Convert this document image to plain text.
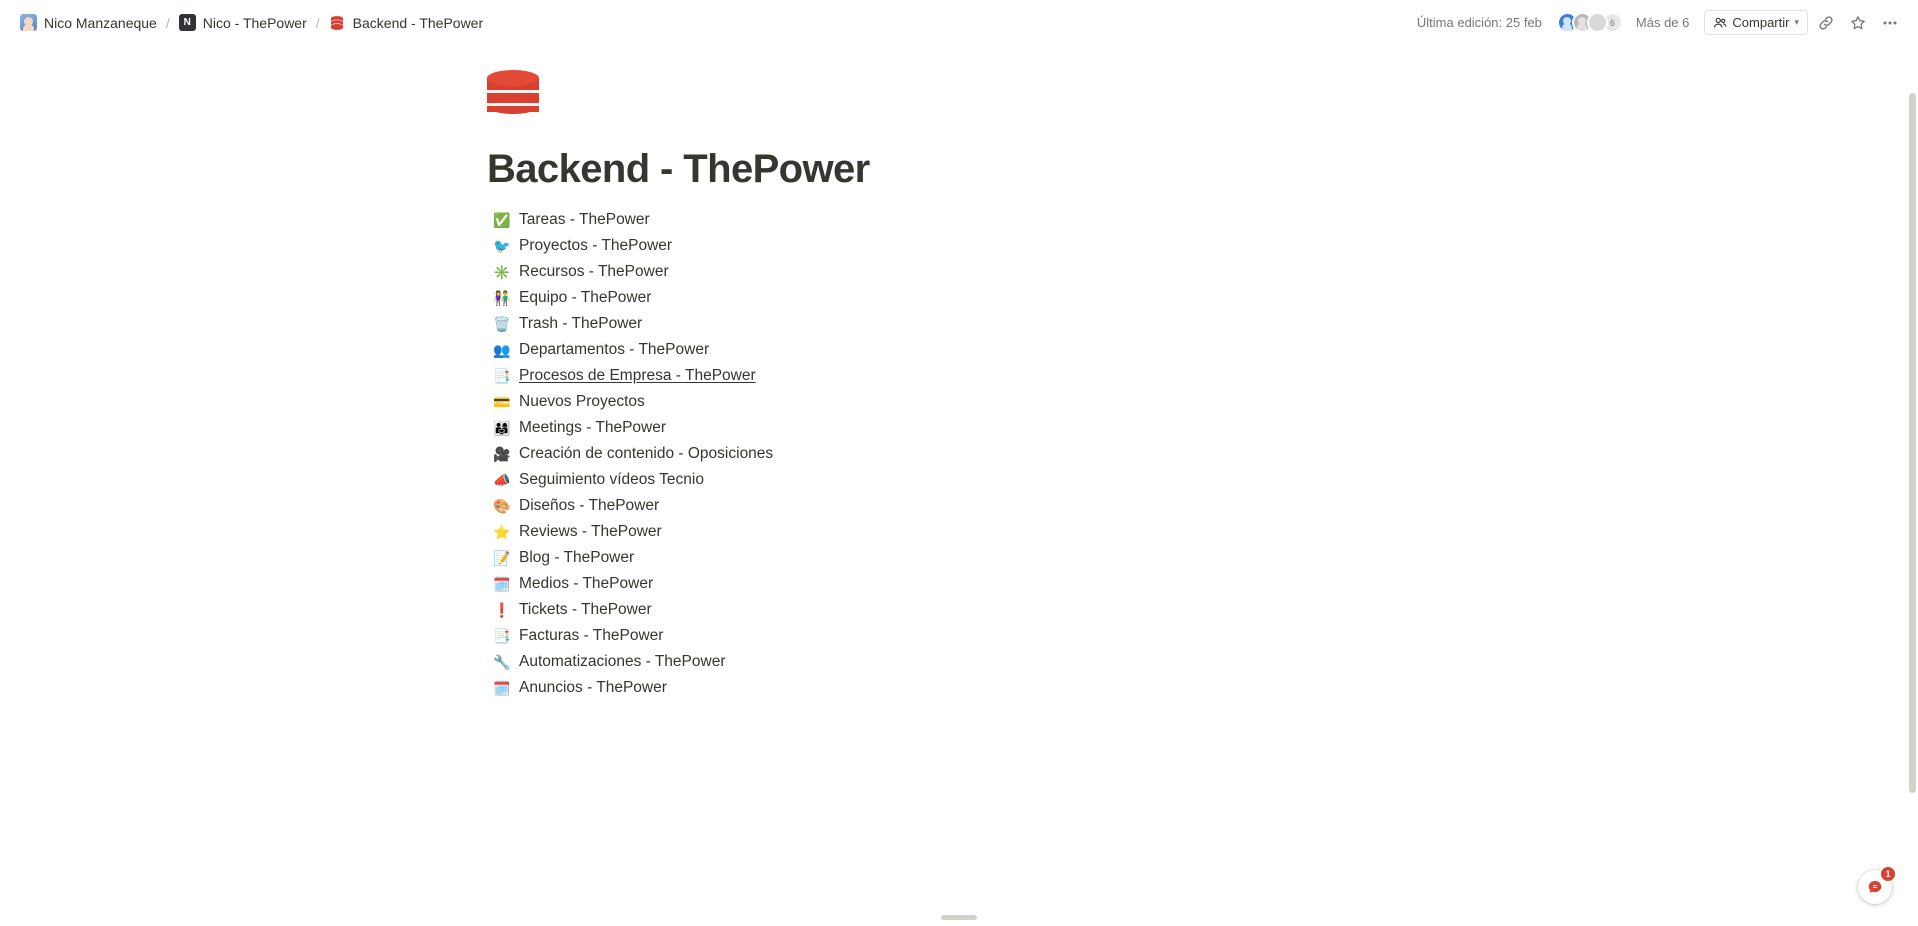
Nico Manzaneque /	N Nico - ThePower / Backend - ThePower	Última edición: 25 feb	6	Más de 6	Compartir ▾
Backend - ThePower
✅ Tareas - ThePower
🐦 Proyectos - ThePower
✳️ Recursos - ThePower
👫 Equipo - ThePower
🗑️ Trash - ThePower
👥 Departamentos - ThePower
📑 Procesos de Empresa - ThePower
💳 Nuevos Proyectos
👨‍👩‍👧 Meetings - ThePower
🎥 Creación de contenido - Oposiciones
📣 Seguimiento vídeos Tecnio
🎨 Diseños - ThePower
⭐ Reviews - ThePower
📝 Blog - ThePower
🗓️ Medios - ThePower
❗ Tickets - ThePower
📑 Facturas - ThePower
🔧 Automatizaciones - ThePower
🗓️ Anuncios - ThePower
1
